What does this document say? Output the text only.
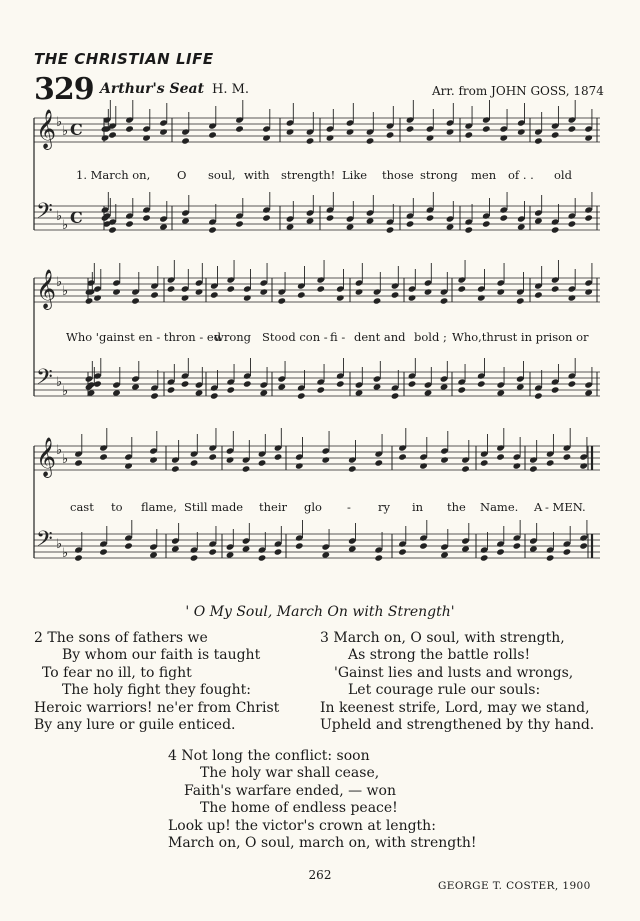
THE CHRISTIAN LIFE
329 Arthur's Seat H. M.	Arr. from JOHN GOSS, 1874
𝄞 ♭
♭ C
𝄢 ♭
♭ C
𝄞 ♭
♭
𝄢 ♭
♭
𝄞 ♭
♭
𝄢 ♭
♭
1. March on, O soul, with strength! Like those strong men of . . old
Who 'gainst en - thron - ed
wrong Stood con - fi - dent and bold ; Who,thrust in prison or
cast to flame, Still made their glo - ry in the Name. A - MEN.
' O My Soul, March On with Strength'
2 The sons of fathers we
By whom our faith is taught
To fear no ill, to fight
The holy fight they fought:
Heroic warriors! ne'er from Christ
By any lure or guile enticed.
3 March on, O soul, with strength,
As strong the battle rolls!
'Gainst lies and lusts and wrongs,
Let courage rule our souls:
In keenest strife, Lord, may we stand,
Upheld and strengthened by thy hand.
4 Not long the conflict: soon
The holy war shall cease,
Faith's warfare ended, — won
The home of endless peace!
Look up! the victor's crown at length:
March on, O soul, march on, with strength!
262
GEORGE T. COSTER, 1900
